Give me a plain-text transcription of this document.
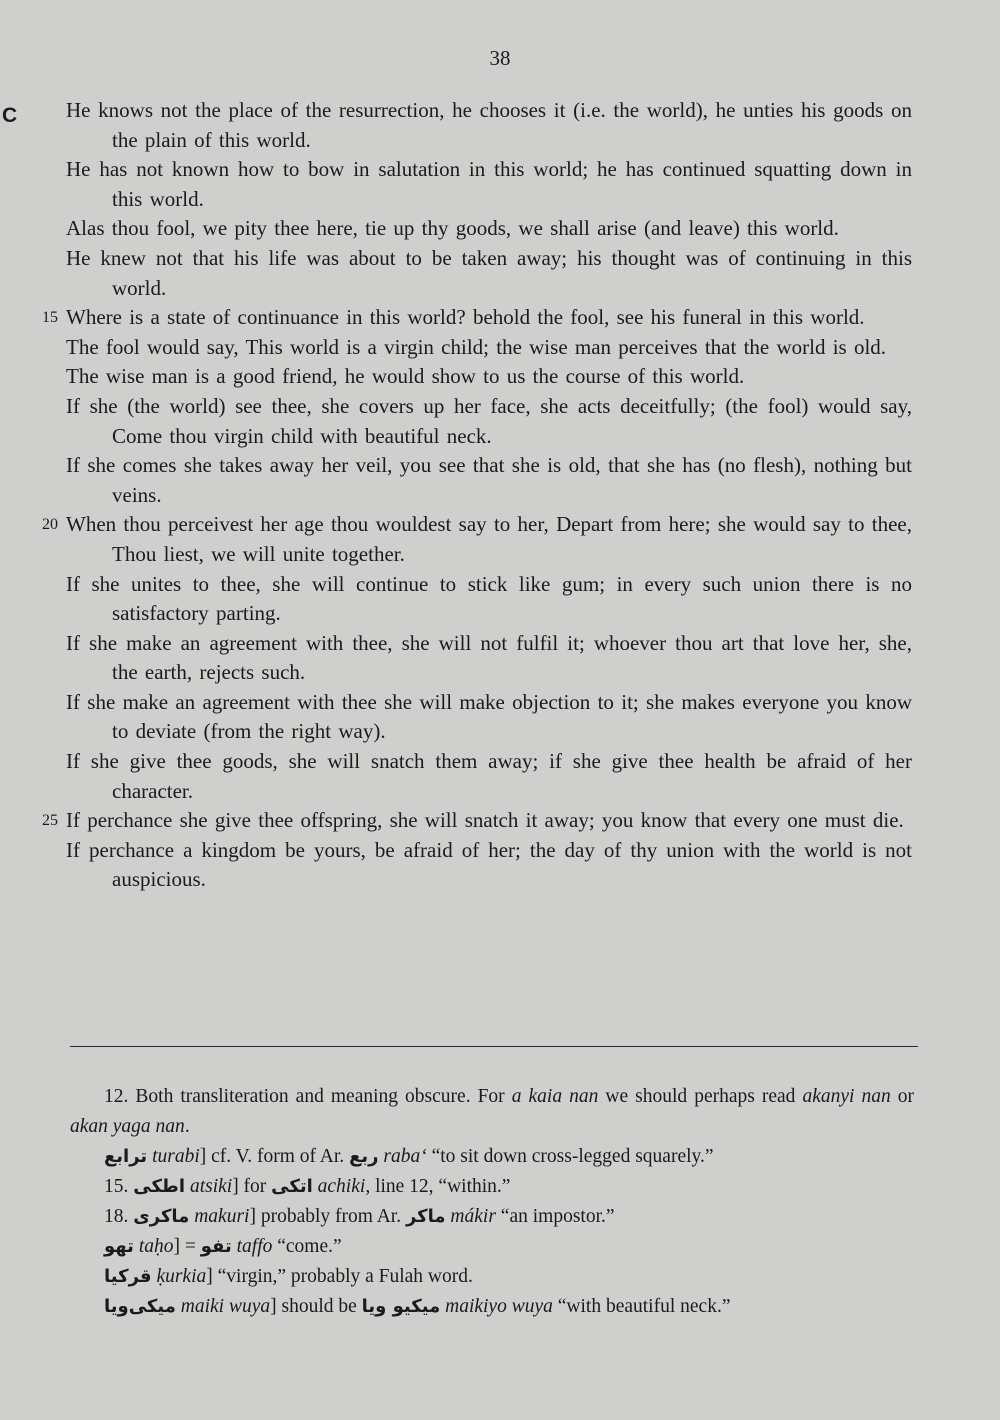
38
C He knows not the place of the resurrection, he chooses it (i.e. the world), he unties his goods on the plain of this world.

He has not known how to bow in salutation in this world; he has continued squatting down in this world.

Alas thou fool, we pity thee here, tie up thy goods, we shall arise (and leave) this world.

He knew not that his life was about to be taken away; his thought was of continuing in this world.

15 Where is a state of continuance in this world? behold the fool, see his funeral in this world.

The fool would say, This world is a virgin child; the wise man perceives that the world is old.

The wise man is a good friend, he would show to us the course of this world.

If she (the world) see thee, she covers up her face, she acts deceitfully; (the fool) would say, Come thou virgin child with beautiful neck.

If she comes she takes away her veil, you see that she is old, that she has (no flesh), nothing but veins.

20 When thou perceivest her age thou wouldest say to her, Depart from here; she would say to thee, Thou liest, we will unite together.

If she unites to thee, she will continue to stick like gum; in every such union there is no satisfactory parting.

If she make an agreement with thee, she will not fulfil it; whoever thou art that love her, she, the earth, rejects such.

If she make an agreement with thee she will make objection to it; she makes everyone you know to deviate (from the right way).

If she give thee goods, she will snatch them away; if she give thee health be afraid of her character.

25 If perchance she give thee offspring, she will snatch it away; you know that every one must die.

If perchance a kingdom be yours, be afraid of her; the day of thy union with the world is not auspicious.

12. Both transliteration and meaning obscure. For a kaia nan we should perhaps read akanyi nan or akan yaga nan.

ترابع turabi] cf. V. form of Ar. ربع raba‘ “to sit down cross-legged squarely.”

15. اطكى atsiki] for اتكى achiki, line 12, “within.”

18. ماكرى makuri] probably from Ar. ماكر mákir “an impostor.”

تهو taḥo] = تفو taffo “come.”

قركيا ḳurkia] “virgin,” probably a Fulah word.

ميكى‌ويا maiki wuya] should be ميكيو ويا maikiyo wuya “with beautiful neck.”
